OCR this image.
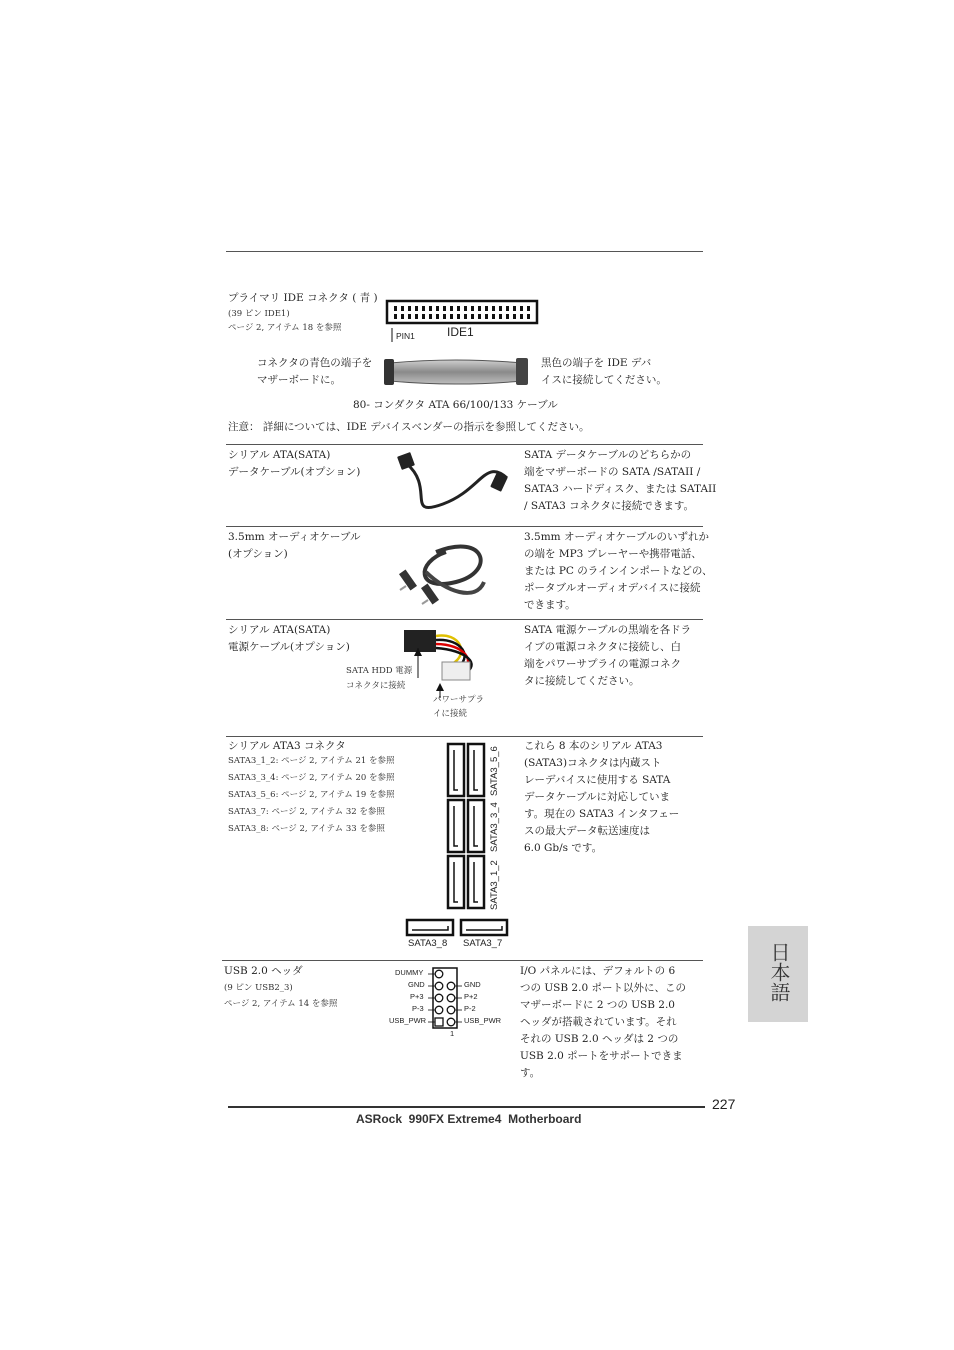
プライマリ IDE コネクタ ( 青 )
(39 ピン IDE1)
ページ 2, アイテム 18 を参照
PIN1	IDE1
コネクタの青色の端子を
マザーボードに。
黒色の端子を IDE デバ
イスに接続してください。
80- コンダクタ ATA 66/100/133 ケーブル
注意： 詳細については、IDE デバイスベンダーの指示を参照してください。
シリアル ATA(SATA)
データケーブル(オプション)
SATA データケーブルのどちらかの
端をマザーボードの SATA /SATAII /
SATA3 ハードディスク、または SATAII
/ SATA3 コネクタに接続できます。
3.5mm オーディオケーブル
(オプション)
3.5mm オーディオケーブルのいずれか
の端を MP3 プレーヤーや携帯電話、
または PC のラインインポートなどの、
ポータブルオーディオデバイスに接続
できます。
シリアル ATA(SATA)
電源ケーブル(オプション)
SATA HDD 電源
コネクタに接続
パワーサプラ
イに接続
SATA 電源ケーブルの黒端を各ドラ
イブの電源コネクタに接続し、白
端をパワーサプライの電源コネク
タに接続してください。
シリアル ATA3 コネクタ
SATA3_1_2: ページ 2, アイテム 21 を参照
SATA3_3_4: ページ 2, アイテム 20 を参照
SATA3_5_6: ページ 2, アイテム 19 を参照
SATA3_7: ページ 2, アイテム 32 を参照
SATA3_8: ページ 2, アイテム 33 を参照
SATA3_5_6
SATA3_3_4
SATA3_1_2
SATA3_8 SATA3_7
これら 8 本のシリアル ATA3
(SATA3)コネクタは内蔵スト
レーデバイスに使用する SATA
データケーブルに対応していま
す。現在の SATA3 インタフェー
スの最大データ転送速度は
6.0 Gb/s です。
USB 2.0 ヘッダ
(9 ピン USB2_3)
ページ 2, アイテム 14 を参照
DUMMY
GND
P+3
P-3
USB_PWR
GND
P+2
P-2
USB_PWR
1
I/O パネルには、デフォルトの 6
つの USB 2.0 ポート以外に、この
マザーボードに 2 つの USB 2.0
ヘッダが搭載されています。それ
それの USB 2.0 ヘッダは 2 つの
USB 2.0 ポートをサポートできま
す。
日本語
227
ASRock  990FX Extreme4  Motherboard
